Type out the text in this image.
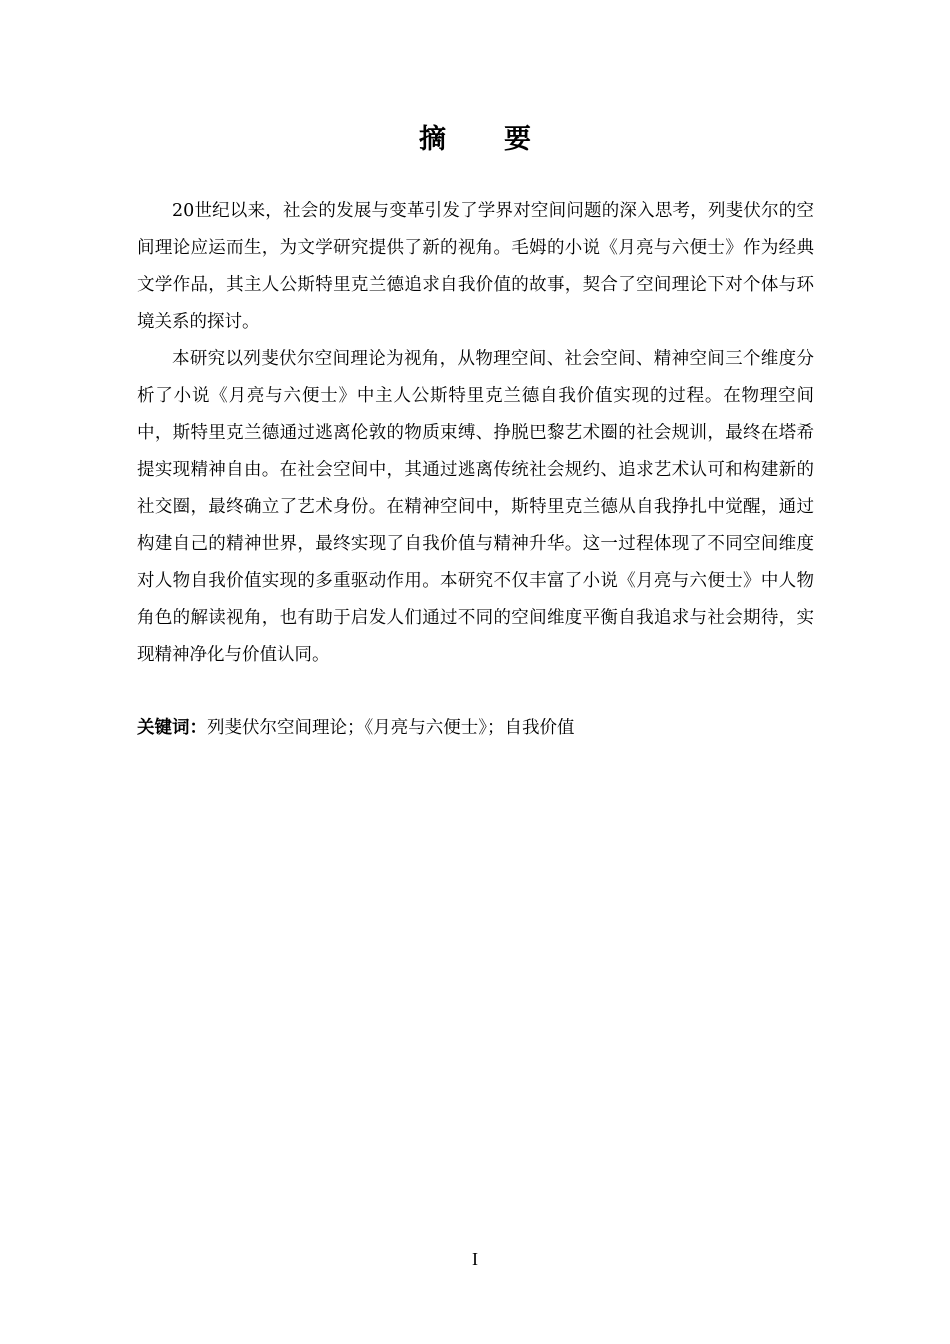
摘 要

20世纪以来，社会的发展与变革引发了学界对空间问题的深入思考，列斐伏尔的空间理论应运而生，为文学研究提供了新的视角。毛姆的小说《月亮与六便士》作为经典文学作品，其主人公斯特里克兰德追求自我价值的故事，契合了空间理论下对个体与环境关系的探讨。

本研究以列斐伏尔空间理论为视角，从物理空间、社会空间、精神空间三个维度分析了小说《月亮与六便士》中主人公斯特里克兰德自我价值实现的过程。在物理空间中，斯特里克兰德通过逃离伦敦的物质束缚、挣脱巴黎艺术圈的社会规训，最终在塔希提实现精神自由。在社会空间中，其通过逃离传统社会规约、追求艺术认可和构建新的社交圈，最终确立了艺术身份。在精神空间中，斯特里克兰德从自我挣扎中觉醒，通过构建自己的精神世界，最终实现了自我价值与精神升华。这一过程体现了不同空间维度对人物自我价值实现的多重驱动作用。本研究不仅丰富了小说《月亮与六便士》中人物角色的解读视角，也有助于启发人们通过不同的空间维度平衡自我追求与社会期待，实现精神净化与价值认同。

关键词：列斐伏尔空间理论；《月亮与六便士》；自我价值

I
